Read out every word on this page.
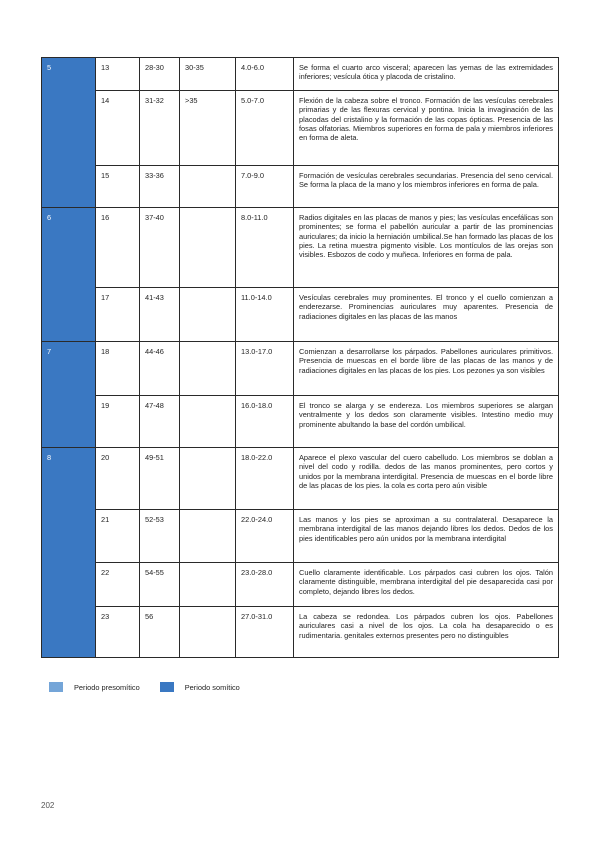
5	13	28-30	30-35	4.0-6.0	Se forma el cuarto arco visceral; aparecen las yemas de las extremidades inferiores; vesícula ótica y placoda de cristalino.
	14	31-32	>35	5.0-7.0	Flexión de la cabeza sobre el tronco. Formación de las vesículas cerebrales primarias y de las flexuras cervical y pontina. Inicia la invaginación de las placodas del cristalino y la formación de las copas ópticas. Presencia de las fosas olfatorias. Miembros superiores en forma de pala y miembros inferiores en forma de aleta.
	15	33-36		7.0-9.0	Formación de vesículas cerebrales secundarias. Presencia del seno cervical. Se forma la placa de la mano y los miembros inferiores en forma de pala.
6	16	37-40		8.0-11.0	Radios digitales en las placas de manos y pies; las vesículas encefálicas son prominentes; se forma el pabellón auricular a partir de las prominencias auriculares; da inicio la herniación umbilical.Se han formado las placas de los pies. La retina muestra pigmento visible. Los montículos de las orejas son visibles. Esbozos de codo y muñeca. Inferiores en forma de pala.
	17	41-43		11.0-14.0	Vesículas cerebrales muy prominentes. El tronco y el cuello comienzan a enderezarse. Prominencias auriculares muy aparentes. Presencia de radiaciones digitales en las placas de las manos
7	18	44-46		13.0-17.0	Comienzan a desarrollarse los párpados. Pabellones auriculares primitivos. Presencia de muescas en el borde libre de las placas de las manos y de radiaciones digitales en las placas de los pies. Los pezones ya son visibles
	19	47-48		16.0-18.0	El tronco se alarga y se endereza. Los miembros superiores se alargan ventralmente y los dedos son claramente visibles. Intestino medio muy prominente abultando la base del cordón umbilical.
8	20	49-51		18.0-22.0	Aparece el plexo vascular del cuero cabelludo. Los miembros se doblan a nivel del codo y rodilla. dedos de las manos prominentes, pero cortos y unidos por la membrana interdigital. Presencia de muescas en el borde libre de las placas de los pies. la cola es corta pero aún visible
	21	52-53		22.0-24.0	Las manos y los pies se aproximan a su contralateral. Desaparece la membrana interdigital de las manos dejando libres los dedos. Dedos de los pies identificables pero aún unidos por la membrana interdigital
	22	54-55		23.0-28.0	Cuello claramente identificable. Los párpados casi cubren los ojos. Talón claramente distinguible, membrana interdigital del pie desaparecida casi por completo, dejando libres los dedos.
	23	56		27.0-31.0	La cabeza se redondea. Los párpados cubren los ojos. Pabellones auriculares casi a nivel de los ojos. La cola ha desaparecido o es rudimentaria. genitales externos presentes pero no distinguibles
Periodo presomítico	Periodo somítico
202
